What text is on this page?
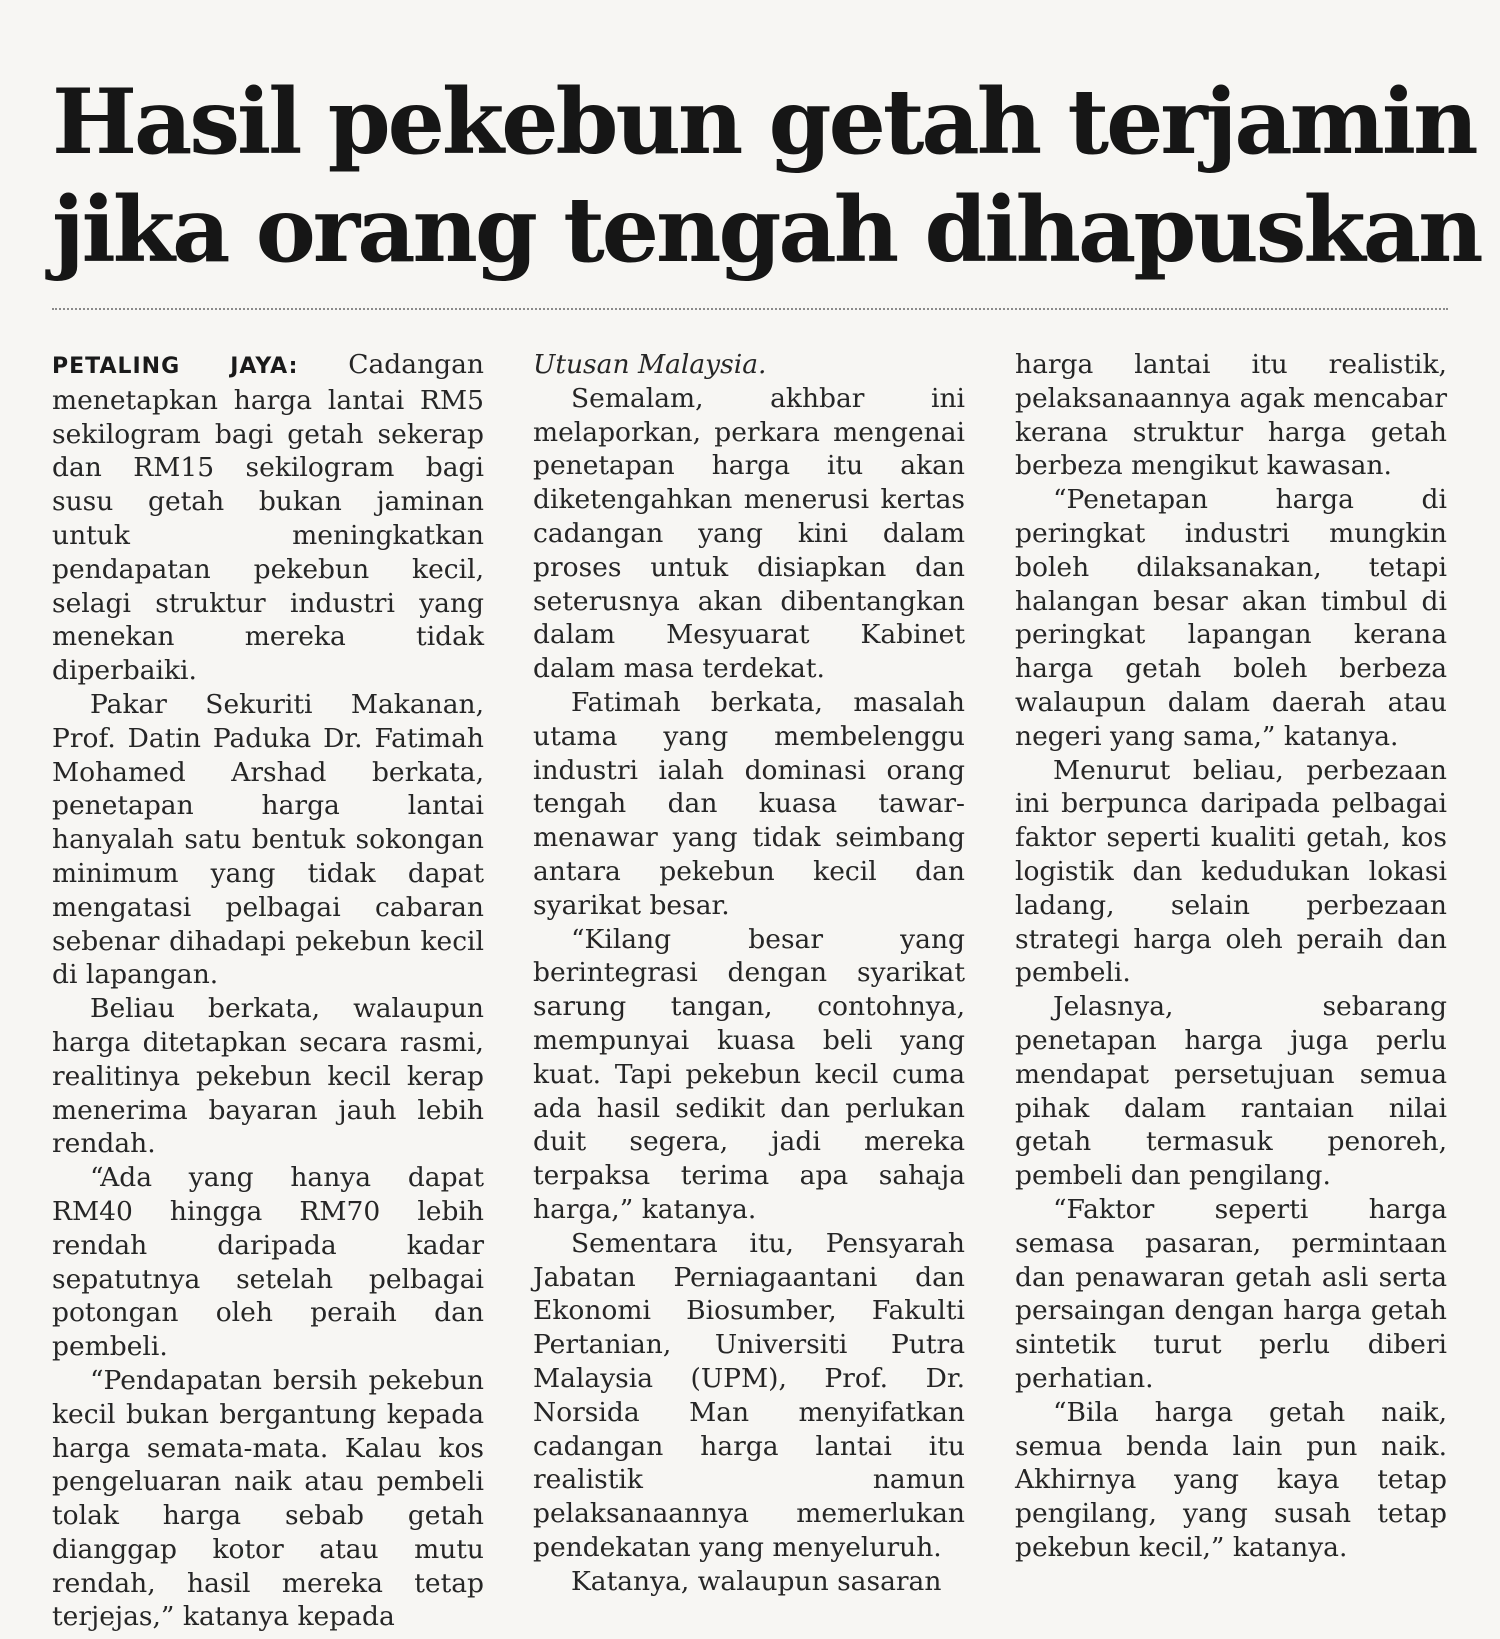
Hasil pekebun getah terjamin
jika orang tengah dihapuskan

PETALING JAYA: Cadangan menetapkan harga lantai RM5 sekilogram bagi getah sekerap dan RM15 sekilogram bagi susu getah bukan jaminan untuk meningkatkan pendapatan pekebun kecil, selagi struktur industri yang menekan mereka tidak diperbaiki.

Pakar Sekuriti Makanan, Prof. Datin Paduka Dr. Fatimah Mohamed Arshad berkata, penetapan harga lantai hanyalah satu bentuk sokongan minimum yang tidak dapat mengatasi pelbagai cabaran sebenar dihadapi pekebun kecil di lapangan.

Beliau berkata, walaupun harga ditetapkan secara rasmi, realitinya pekebun kecil kerap menerima bayaran jauh lebih rendah.

“Ada yang hanya dapat RM40 hingga RM70 lebih rendah daripada kadar sepatutnya setelah pelbagai potongan oleh peraih dan pembeli.

“Pendapatan bersih pekebun kecil bukan bergantung kepada harga semata-mata. Kalau kos pengeluaran naik atau pembeli tolak harga sebab getah dianggap kotor atau mutu rendah, hasil mereka tetap terjejas,” katanya kepada

Utusan Malaysia.

Semalam, akhbar ini melaporkan, perkara mengenai penetapan harga itu akan diketengahkan menerusi kertas cadangan yang kini dalam proses untuk disiapkan dan seterusnya akan dibentangkan dalam Mesyuarat Kabinet dalam masa terdekat.

Fatimah berkata, masalah utama yang membelenggu industri ialah dominasi orang tengah dan kuasa tawar-menawar yang tidak seimbang antara pekebun kecil dan syarikat besar.

“Kilang besar yang berintegrasi dengan syarikat sarung tangan, contohnya, mempunyai kuasa beli yang kuat. Tapi pekebun kecil cuma ada hasil sedikit dan perlukan duit segera, jadi mereka terpaksa terima apa sahaja harga,” katanya.

Sementara itu, Pensyarah Jabatan Perniagaantani dan Ekonomi Biosumber, Fakulti Pertanian, Universiti Putra Malaysia (UPM), Prof. Dr. Norsida Man menyifatkan cadangan harga lantai itu realistik namun pelaksanaannya memerlukan pendekatan yang menyeluruh.

Katanya, walaupun sasaran

harga lantai itu realistik, pelaksanaannya agak mencabar kerana struktur harga getah berbeza mengikut kawasan.

“Penetapan harga di peringkat industri mungkin boleh dilaksanakan, tetapi halangan besar akan timbul di peringkat lapangan kerana harga getah boleh berbeza walaupun dalam daerah atau negeri yang sama,” katanya.

Menurut beliau, perbezaan ini berpunca daripada pelbagai faktor seperti kualiti getah, kos logistik dan kedudukan lokasi ladang, selain perbezaan strategi harga oleh peraih dan pembeli.

Jelasnya, sebarang penetapan harga juga perlu mendapat persetujuan semua pihak dalam rantaian nilai getah termasuk penoreh, pembeli dan pengilang.

“Faktor seperti harga semasa pasaran, permintaan dan penawaran getah asli serta persaingan dengan harga getah sintetik turut perlu diberi perhatian.

“Bila harga getah naik, semua benda lain pun naik. Akhirnya yang kaya tetap pengilang, yang susah tetap pekebun kecil,” katanya.
